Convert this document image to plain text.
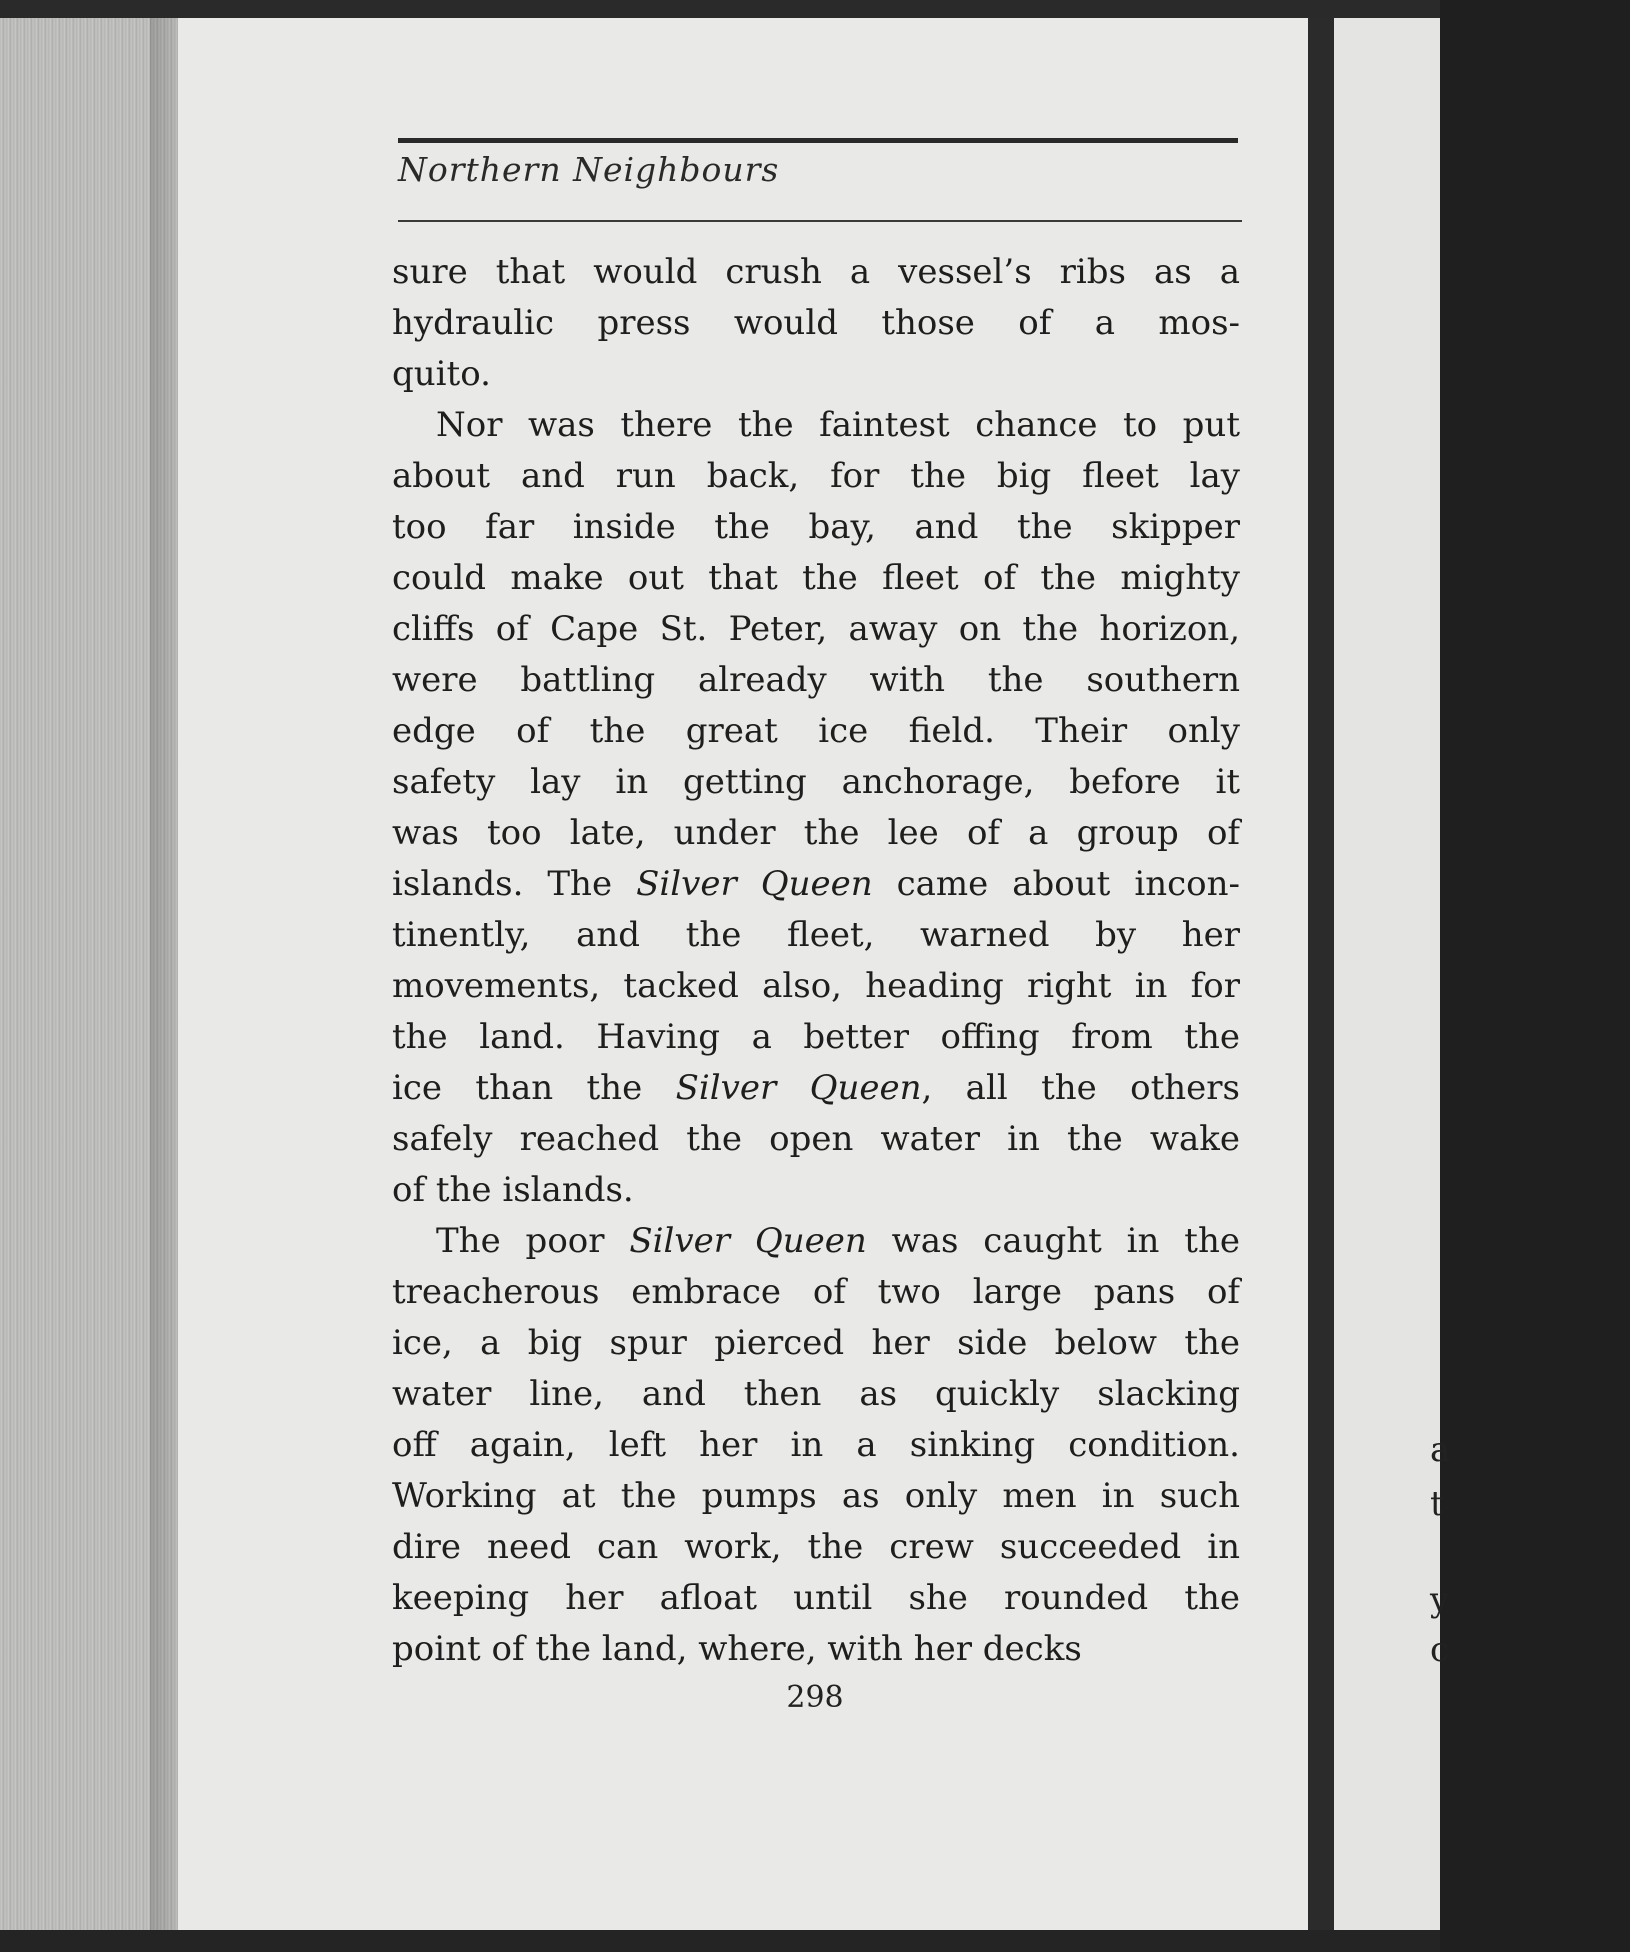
Northern Neighbours
sure that would crush a vessel’s ribs as a
hydraulic press would those of a mos-
quito.
Nor was there the faintest chance to put
about and run back, for the big fleet lay
too far inside the bay, and the skipper
could make out that the fleet of the mighty
cliffs of Cape St. Peter, away on the horizon,
were battling already with the southern
edge of the great ice field. Their only
safety lay in getting anchorage, before it
was too late, under the lee of a group of
islands. The Silver Queen came about incon-
tinently, and the fleet, warned by her
movements, tacked also, heading right in for
the land. Having a better offing from the
ice than the Silver Queen, all the others
safely reached the open water in the wake
of the islands.
The poor Silver Queen was caught in the
treacherous embrace of two large pans of
ice, a big spur pierced her side below the
water line, and then as quickly slacking
off again, left her in a sinking condition.
Working at the pumps as only men in such
dire need can work, the crew succeeded in
keeping her afloat until she rounded the
point of the land, where, with her decks
298
a
t
y
c
